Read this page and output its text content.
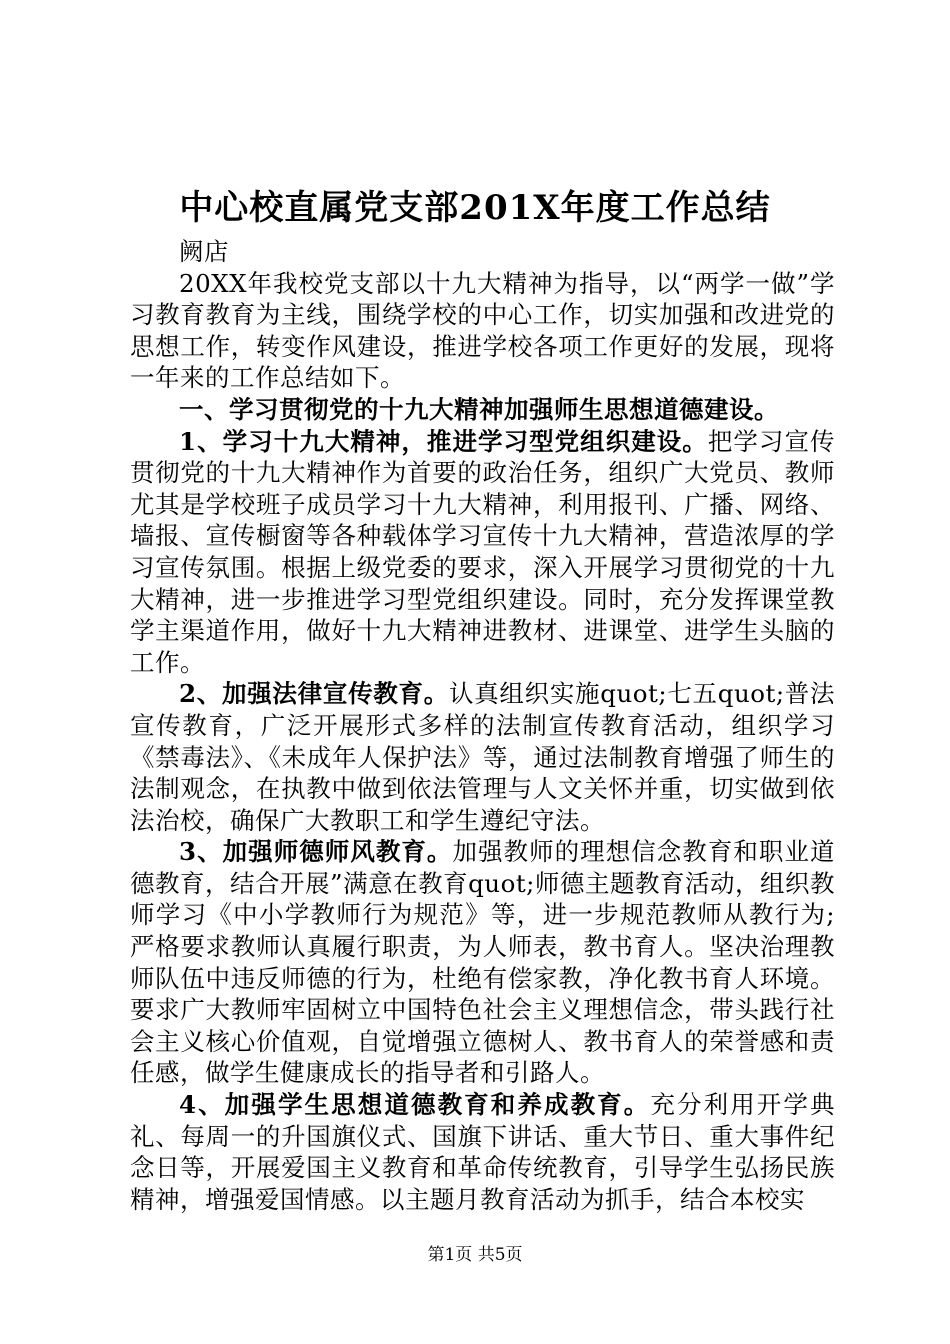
中心校直属党支部201X年度工作总结

阙店

20XX年我校党支部以十九大精神为指导，以“两学一做”学习教育教育为主线，围绕学校的中心工作，切实加强和改进党的思想工作，转变作风建设，推进学校各项工作更好的发展，现将一年来的工作总结如下。

一、学习贯彻党的十九大精神加强师生思想道德建设。

1、学习十九大精神，推进学习型党组织建设。把学习宣传贯彻党的十九大精神作为首要的政治任务，组织广大党员、教师尤其是学校班子成员学习十九大精神，利用报刊、广播、网络、墙报、宣传橱窗等各种载体学习宣传十九大精神，营造浓厚的学习宣传氛围。根据上级党委的要求，深入开展学习贯彻党的十九大精神，进一步推进学习型党组织建设。同时，充分发挥课堂教学主渠道作用，做好十九大精神进教材、进课堂、进学生头脑的工作。

2、加强法律宣传教育。认真组织实施quot;七五quot;普法宣传教育，广泛开展形式多样的法制宣传教育活动，组织学习《禁毒法》、《未成年人保护法》等，通过法制教育增强了师生的法制观念，在执教中做到依法管理与人文关怀并重，切实做到依法治校，确保广大教职工和学生遵纪守法。

3、加强师德师风教育。加强教师的理想信念教育和职业道德教育，结合开展”满意在教育quot;师德主题教育活动，组织教师学习《中小学教师行为规范》等，进一步规范教师从教行为;严格要求教师认真履行职责，为人师表，教书育人。坚决治理教师队伍中违反师德的行为，杜绝有偿家教，净化教书育人环境。要求广大教师牢固树立中国特色社会主义理想信念，带头践行社会主义核心价值观，自觉增强立德树人、教书育人的荣誉感和责任感，做学生健康成长的指导者和引路人。

4、加强学生思想道德教育和养成教育。充分利用开学典礼、每周一的升国旗仪式、国旗下讲话、重大节日、重大事件纪念日等，开展爱国主义教育和革命传统教育，引导学生弘扬民族精神，增强爱国情感。以主题月教育活动为抓手，结合本校实

第1页 共5页
